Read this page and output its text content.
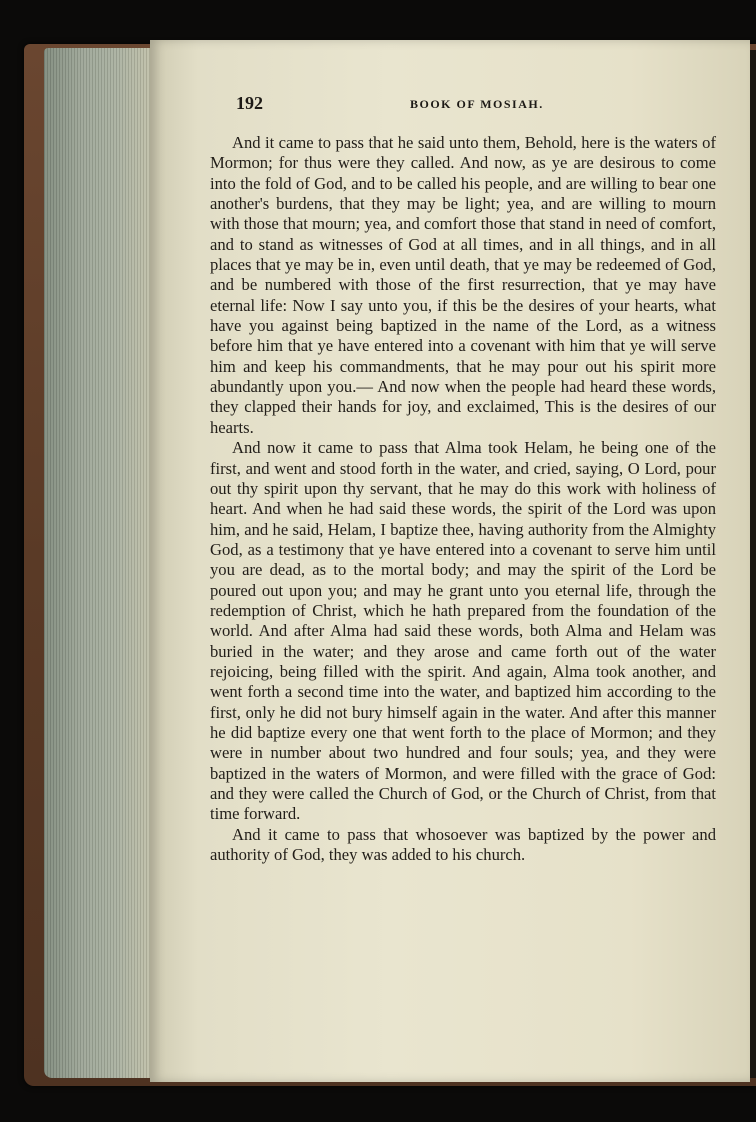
192	BOOK OF MOSIAH.

And it came to pass that he said unto them, Behold, here is the waters of Mormon; for thus were they called. And now, as ye are desirous to come into the fold of God, and to be called his people, and are willing to bear one another's burdens, that they may be light; yea, and are willing to mourn with those that mourn; yea, and comfort those that stand in need of comfort, and to stand as witnesses of God at all times, and in all things, and in all places that ye may be in, even until death, that ye may be redeemed of God, and be numbered with those of the first resurrection, that ye may have eternal life: Now I say unto you, if this be the desires of your hearts, what have you against being baptized in the name of the Lord, as a witness before him that ye have entered into a covenant with him that ye will serve him and keep his commandments, that he may pour out his spirit more abundantly upon you.— And now when the people had heard these words, they clapped their hands for joy, and exclaimed, This is the desires of our hearts.

And now it came to pass that Alma took Helam, he being one of the first, and went and stood forth in the water, and cried, saying, O Lord, pour out thy spirit upon thy servant, that he may do this work with holiness of heart. And when he had said these words, the spirit of the Lord was upon him, and he said, Helam, I baptize thee, having authority from the Almighty God, as a testimony that ye have entered into a covenant to serve him until you are dead, as to the mortal body; and may the spirit of the Lord be poured out upon you; and may he grant unto you eternal life, through the redemption of Christ, which he hath prepared from the foundation of the world. And after Alma had said these words, both Alma and Helam was buried in the water; and they arose and came forth out of the water rejoicing, being filled with the spirit. And again, Alma took another, and went forth a second time into the water, and baptized him according to the first, only he did not bury himself again in the water. And after this manner he did baptize every one that went forth to the place of Mormon; and they were in number about two hundred and four souls; yea, and they were baptized in the waters of Mormon, and were filled with the grace of God: and they were called the Church of God, or the Church of Christ, from that time forward.

And it came to pass that whosoever was baptized by the power and authority of God, they was added to his church.
